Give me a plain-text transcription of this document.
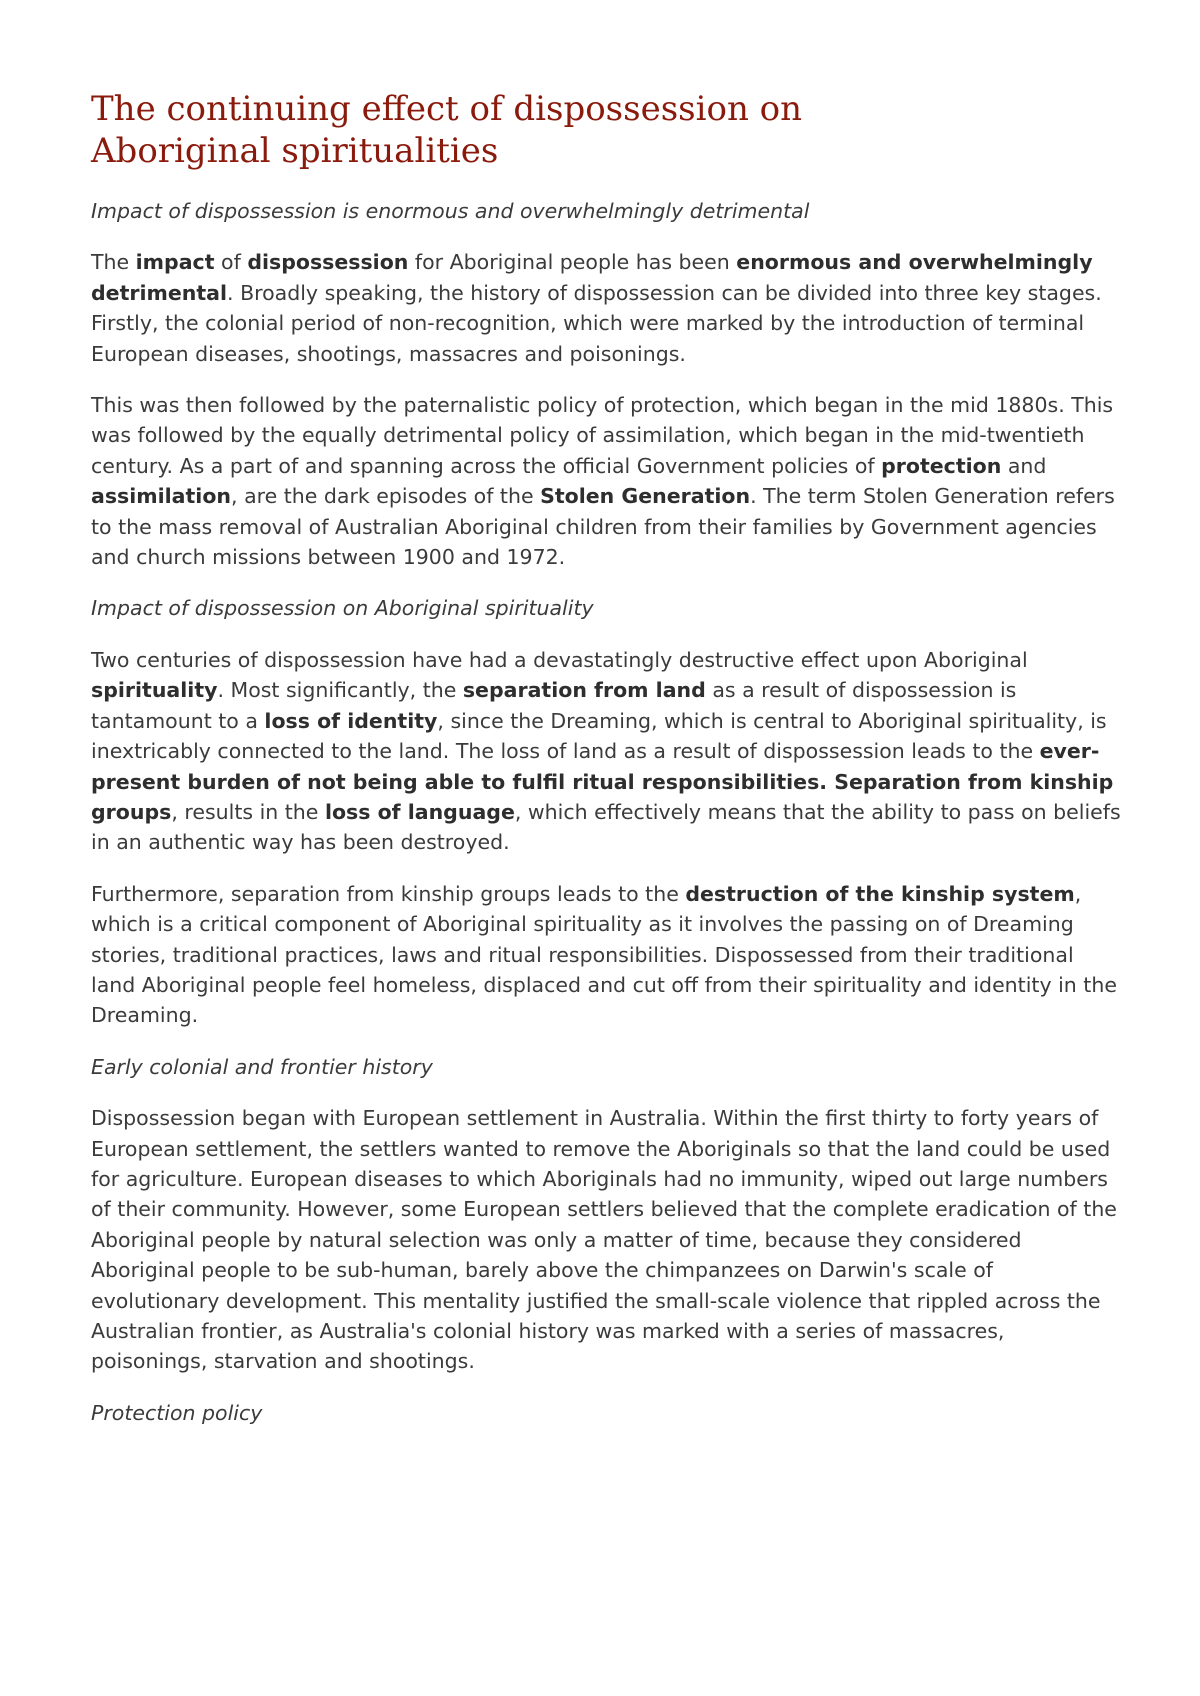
The continuing effect of dispossession on Aboriginal spiritualities
Impact of dispossession is enormous and overwhelmingly detrimental

The impact of dispossession for Aboriginal people has been enormous and overwhelmingly detrimental. Broadly speaking, the history of dispossession can be divided into three key stages. Firstly, the colonial period of non-recognition, which were marked by the introduction of terminal European diseases, shootings, massacres and poisonings.

This was then followed by the paternalistic policy of protection, which began in the mid 1880s. This was followed by the equally detrimental policy of assimilation, which began in the mid-twentieth century. As a part of and spanning across the official Government policies of protection and assimilation, are the dark episodes of the Stolen Generation. The term Stolen Generation refers to the mass removal of Australian Aboriginal children from their families by Government agencies and church missions between 1900 and 1972.

Impact of dispossession on Aboriginal spirituality

Two centuries of dispossession have had a devastatingly destructive effect upon Aboriginal spirituality. Most significantly, the separation from land as a result of dispossession is tantamount to a loss of identity, since the Dreaming, which is central to Aboriginal spirituality, is inextricably connected to the land. The loss of land as a result of dispossession leads to the ever-present burden of not being able to fulfil ritual responsibilities. Separation from kinship groups, results in the loss of language, which effectively means that the ability to pass on beliefs in an authentic way has been destroyed.

Furthermore, separation from kinship groups leads to the destruction of the kinship system, which is a critical component of Aboriginal spirituality as it involves the passing on of Dreaming stories, traditional practices, laws and ritual responsibilities. Dispossessed from their traditional land Aboriginal people feel homeless, displaced and cut off from their spirituality and identity in the Dreaming.

Early colonial and frontier history

Dispossession began with European settlement in Australia. Within the first thirty to forty years of European settlement, the settlers wanted to remove the Aboriginals so that the land could be used for agriculture. European diseases to which Aboriginals had no immunity, wiped out large numbers of their community. However, some European settlers believed that the complete eradication of the Aboriginal people by natural selection was only a matter of time, because they considered Aboriginal people to be sub-human, barely above the chimpanzees on Darwin's scale of evolutionary development. This mentality justified the small-scale violence that rippled across the Australian frontier, as Australia's colonial history was marked with a series of massacres, poisonings, starvation and shootings.

Protection policy
